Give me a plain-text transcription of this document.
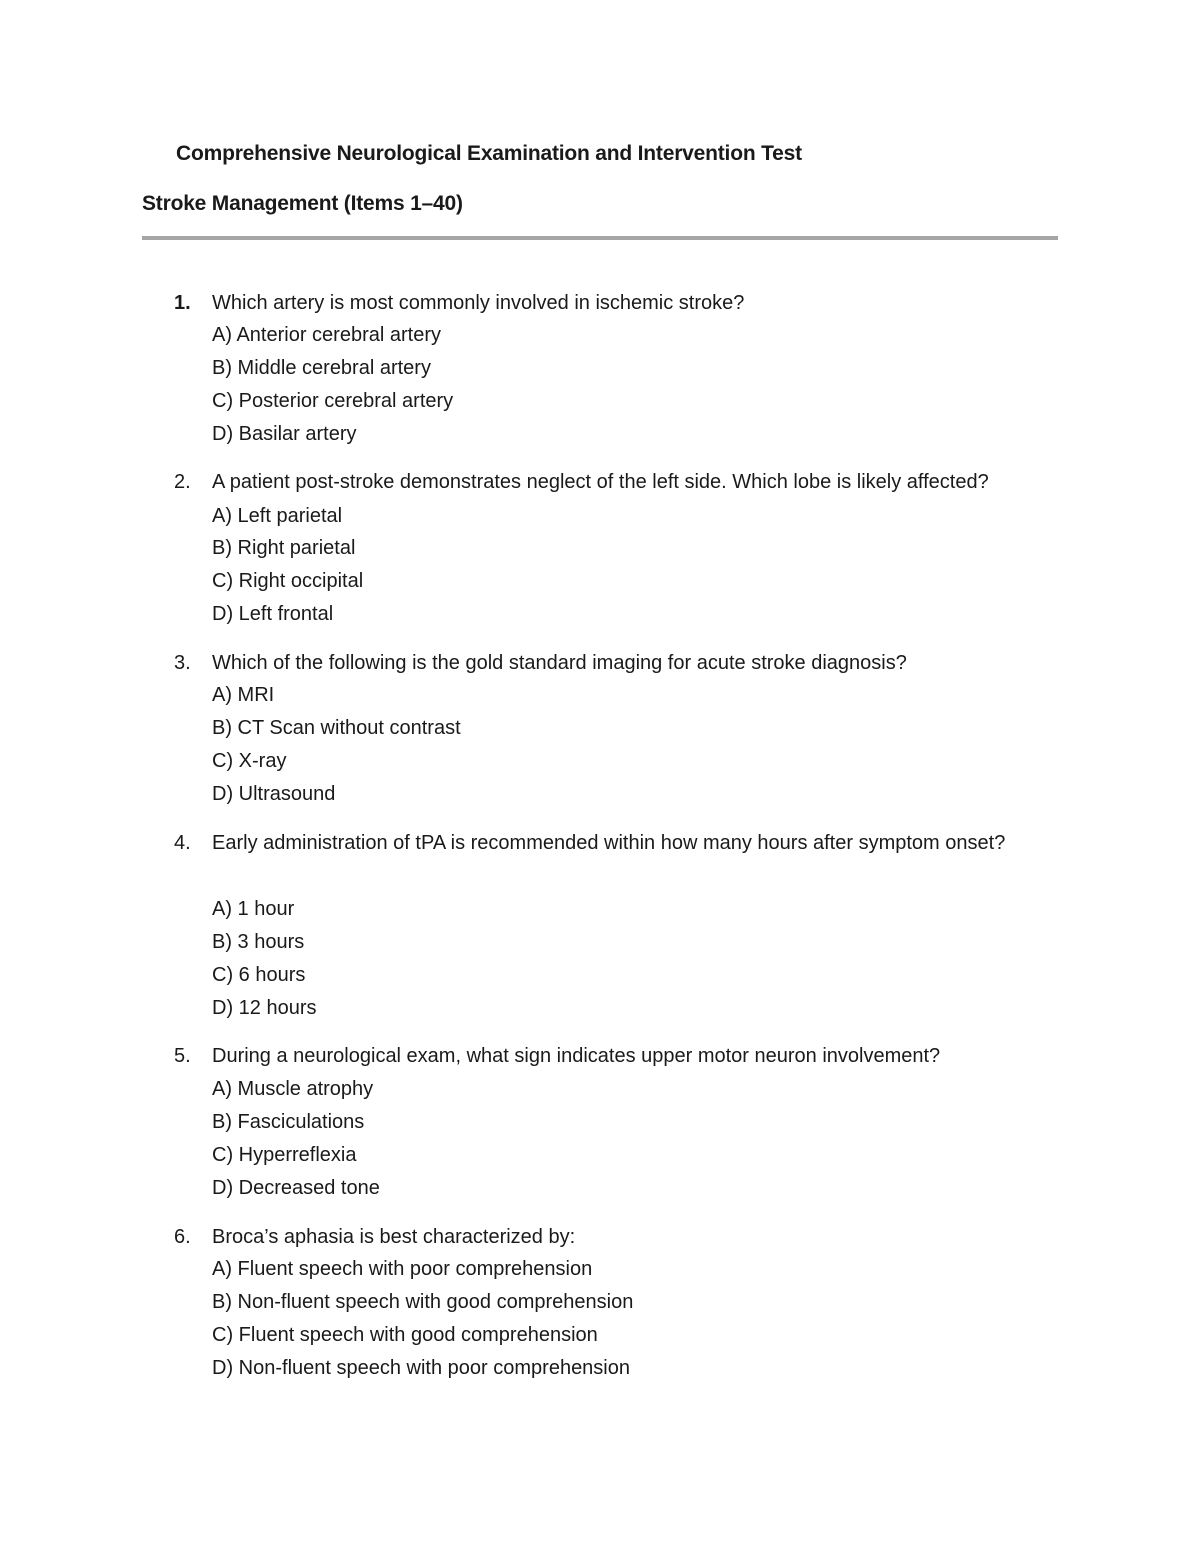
Comprehensive Neurological Examination and Intervention Test
Stroke Management (Items 1–40)
1.	Which artery is most commonly involved in ischemic stroke?
A) Anterior cerebral artery
B) Middle cerebral artery
C) Posterior cerebral artery
D) Basilar artery
2.	A patient post-stroke demonstrates neglect of the left side. Which lobe is likely affected?
A) Left parietal
B) Right parietal
C) Right occipital
D) Left frontal
3.	Which of the following is the gold standard imaging for acute stroke diagnosis?
A) MRI
B) CT Scan without contrast
C) X-ray
D) Ultrasound
4.	Early administration of tPA is recommended within how many hours after symptom onset?
A) 1 hour
B) 3 hours
C) 6 hours
D) 12 hours
5.	During a neurological exam, what sign indicates upper motor neuron involvement?
A) Muscle atrophy
B) Fasciculations
C) Hyperreflexia
D) Decreased tone
6.	Broca’s aphasia is best characterized by:
A) Fluent speech with poor comprehension
B) Non-fluent speech with good comprehension
C) Fluent speech with good comprehension
D) Non-fluent speech with poor comprehension
